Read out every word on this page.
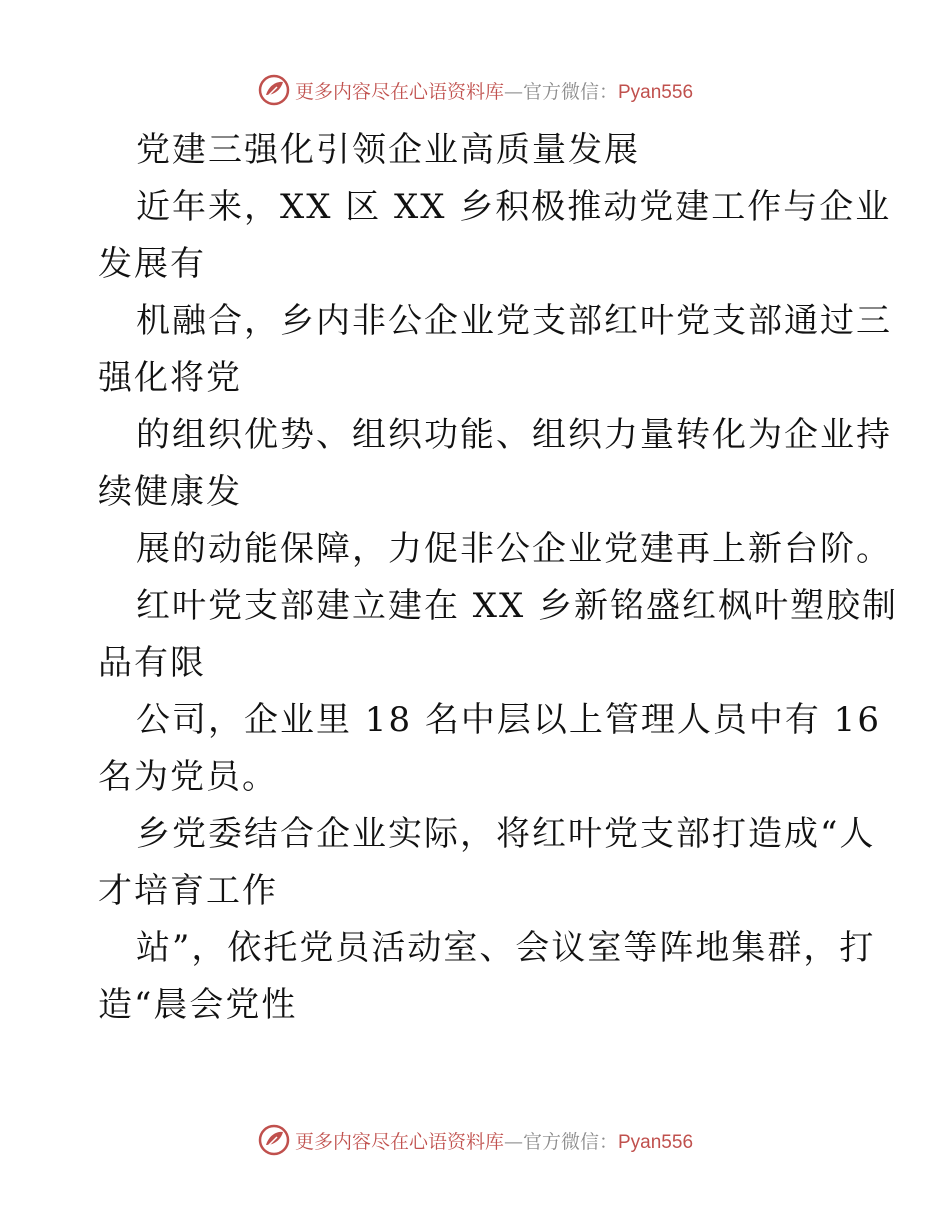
更多内容尽在心语资料库—官方微信：Pyan556
党建三强化引领企业高质量发展
近年来，XX 区 XX 乡积极推动党建工作与企业
发展有
机融合，乡内非公企业党支部红叶党支部通过三
强化将党
的组织优势、组织功能、组织力量转化为企业持
续健康发
展的动能保障，力促非公企业党建再上新台阶。
红叶党支部建立建在 XX 乡新铭盛红枫叶塑胶制
品有限
公司，企业里 18 名中层以上管理人员中有 16
名为党员。
乡党委结合企业实际，将红叶党支部打造成“人
才培育工作
站”，依托党员活动室、会议室等阵地集群，打
造“晨会党性
更多内容尽在心语资料库—官方微信：Pyan556
